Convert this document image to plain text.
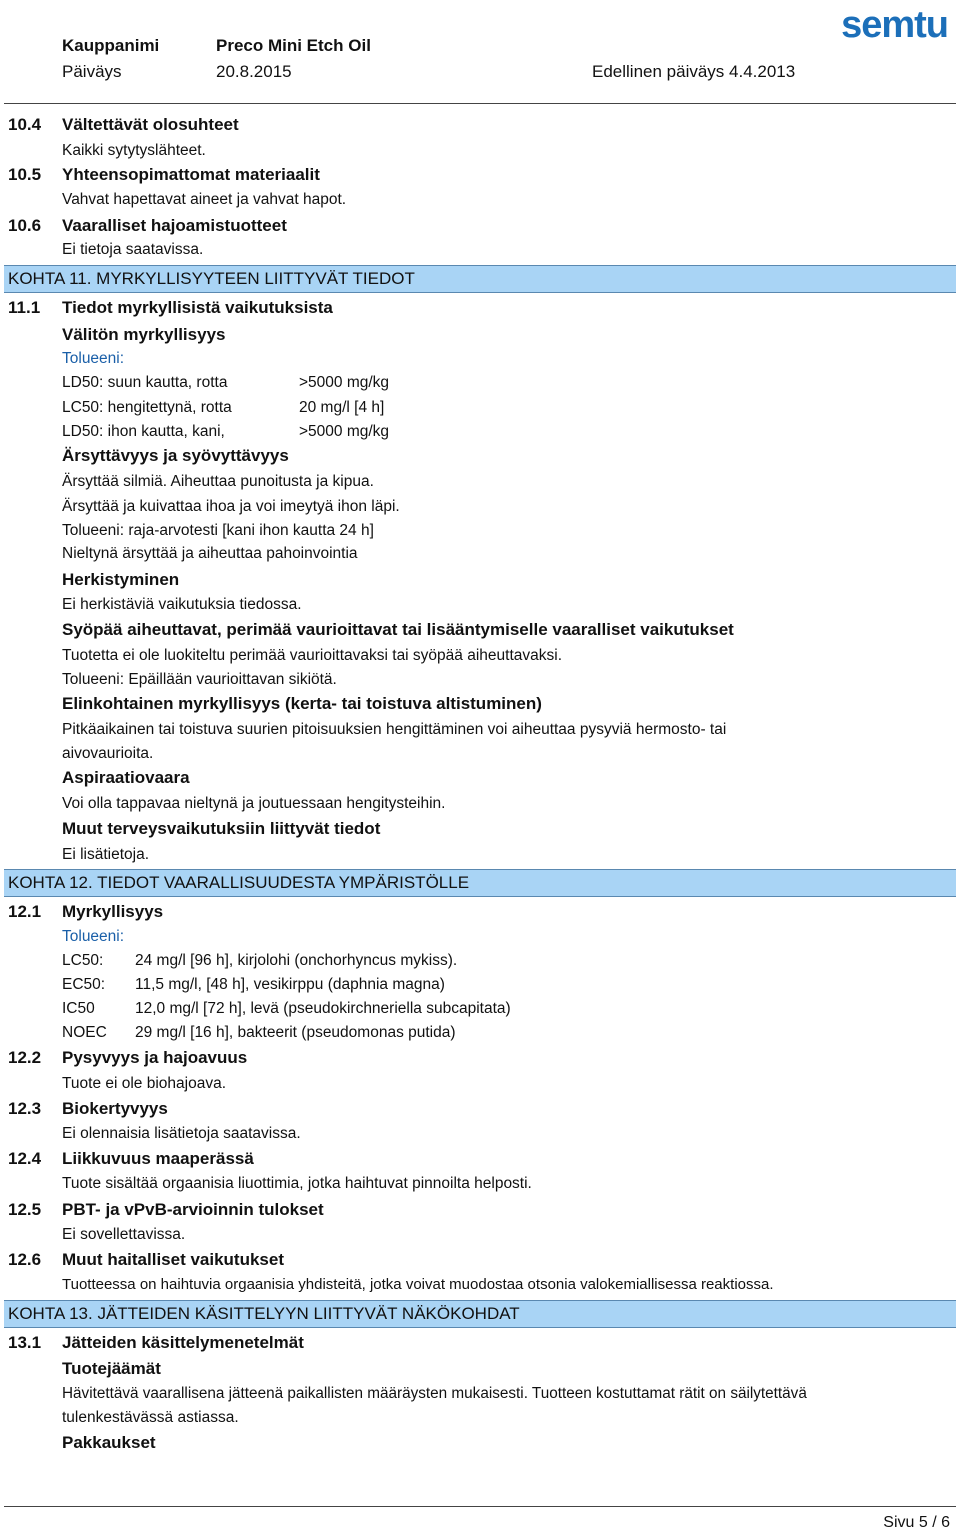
Kauppanimi	Preco Mini Etch Oil
Päiväys	20.8.2015	Edellinen päiväys 4.4.2013
semtu
10.4 Vältettävät olosuhteet
Kaikki sytytyslähteet.
10.5 Yhteensopimattomat materiaalit
Vahvat hapettavat aineet ja vahvat hapot.
10.6 Vaaralliset hajoamistuotteet
Ei tietoja saatavissa.
KOHTA 11. MYRKYLLISYYTEEN LIITTYVÄT TIEDOT
11.1 Tiedot myrkyllisistä vaikutuksista
Välitön myrkyllisyys
Tolueeni:
LD50: suun kautta, rotta	>5000 mg/kg
LC50: hengitettynä, rotta	20 mg/l [4 h]
LD50: ihon kautta, kani,	>5000 mg/kg
Ärsyttävyys ja syövyttävyys
Ärsyttää silmiä. Aiheuttaa punoitusta ja kipua.
Ärsyttää ja kuivattaa ihoa ja voi imeytyä ihon läpi.
Tolueeni: raja-arvotesti [kani ihon kautta 24 h]
Nieltynä ärsyttää ja aiheuttaa pahoinvointia
Herkistyminen
Ei herkistäviä vaikutuksia tiedossa.
Syöpää aiheuttavat, perimää vaurioittavat tai lisääntymiselle vaaralliset vaikutukset
Tuotetta ei ole luokiteltu perimää vaurioittavaksi tai syöpää aiheuttavaksi.
Tolueeni: Epäillään vaurioittavan sikiötä.
Elinkohtainen myrkyllisyys (kerta- tai toistuva altistuminen)
Pitkäaikainen tai toistuva suurien pitoisuuksien hengittäminen voi aiheuttaa pysyviä hermosto- tai
aivovaurioita.
Aspiraatiovaara
Voi olla tappavaa nieltynä ja joutuessaan hengitysteihin.
Muut terveysvaikutuksiin liittyvät tiedot
Ei lisätietoja.
KOHTA 12. TIEDOT VAARALLISUUDESTA YMPÄRISTÖLLE
12.1 Myrkyllisyys
Tolueeni:
LC50: 24 mg/l [96 h], kirjolohi (onchorhyncus mykiss).
EC50: 11,5 mg/l, [48 h], vesikirppu (daphnia magna)
IC50	12,0 mg/l [72 h], levä (pseudokirchneriella subcapitata)
NOEC 29 mg/l [16 h], bakteerit (pseudomonas putida)
12.2 Pysyvyys ja hajoavuus
Tuote ei ole biohajoava.
12.3 Biokertyvyys
Ei olennaisia lisätietoja saatavissa.
12.4 Liikkuvuus maaperässä
Tuote sisältää orgaanisia liuottimia, jotka haihtuvat pinnoilta helposti.
12.5 PBT- ja vPvB-arvioinnin tulokset
Ei sovellettavissa.
12.6 Muut haitalliset vaikutukset
Tuotteessa on haihtuvia orgaanisia yhdisteitä, jotka voivat muodostaa otsonia valokemiallisessa reaktiossa.
KOHTA 13. JÄTTEIDEN KÄSITTELYYN LIITTYVÄT NÄKÖKOHDAT
13.1 Jätteiden käsittelymenetelmät
Tuotejäämät
Hävitettävä vaarallisena jätteenä paikallisten määräysten mukaisesti. Tuotteen kostuttamat rätit on säilytettävä
tulenkestävässä astiassa.
Pakkaukset
Sivu 5 / 6
